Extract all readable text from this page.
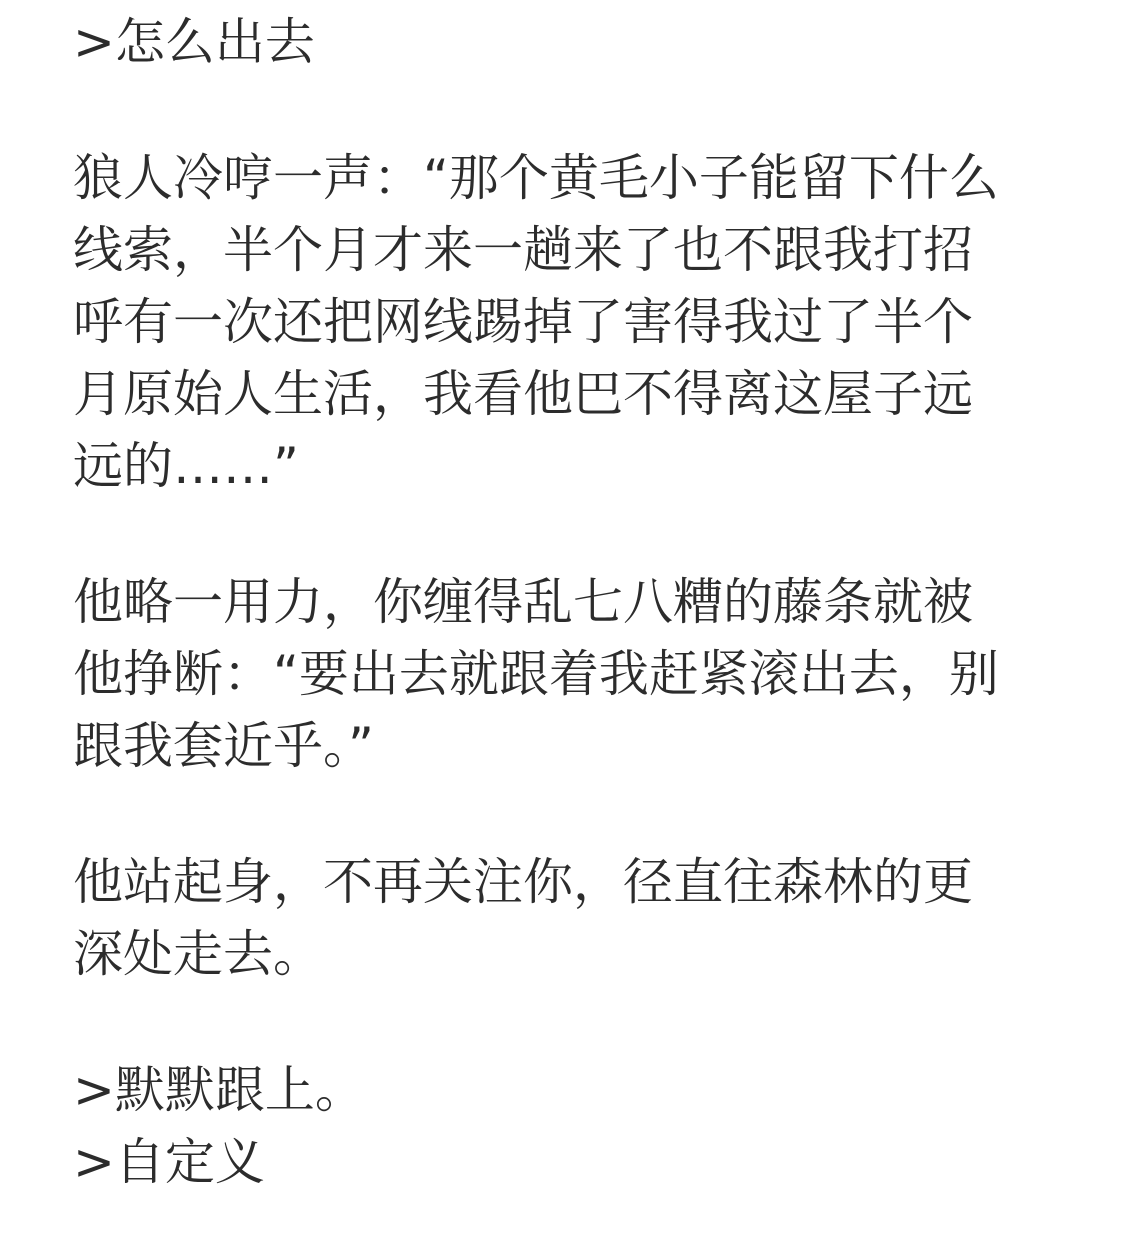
>怎么出去
狼人冷哼一声：“那个黄毛小子能留下什么
线索，半个月才来一趟来了也不跟我打招
呼有一次还把网线踢掉了害得我过了半个
月原始人生活，我看他巴不得离这屋子远
远的……”
他略一用力，你缠得乱七八糟的藤条就被
他挣断：“要出去就跟着我赶紧滚出去，别
跟我套近乎。”
他站起身，不再关注你，径直往森林的更
深处走去。
>默默跟上。
>自定义
